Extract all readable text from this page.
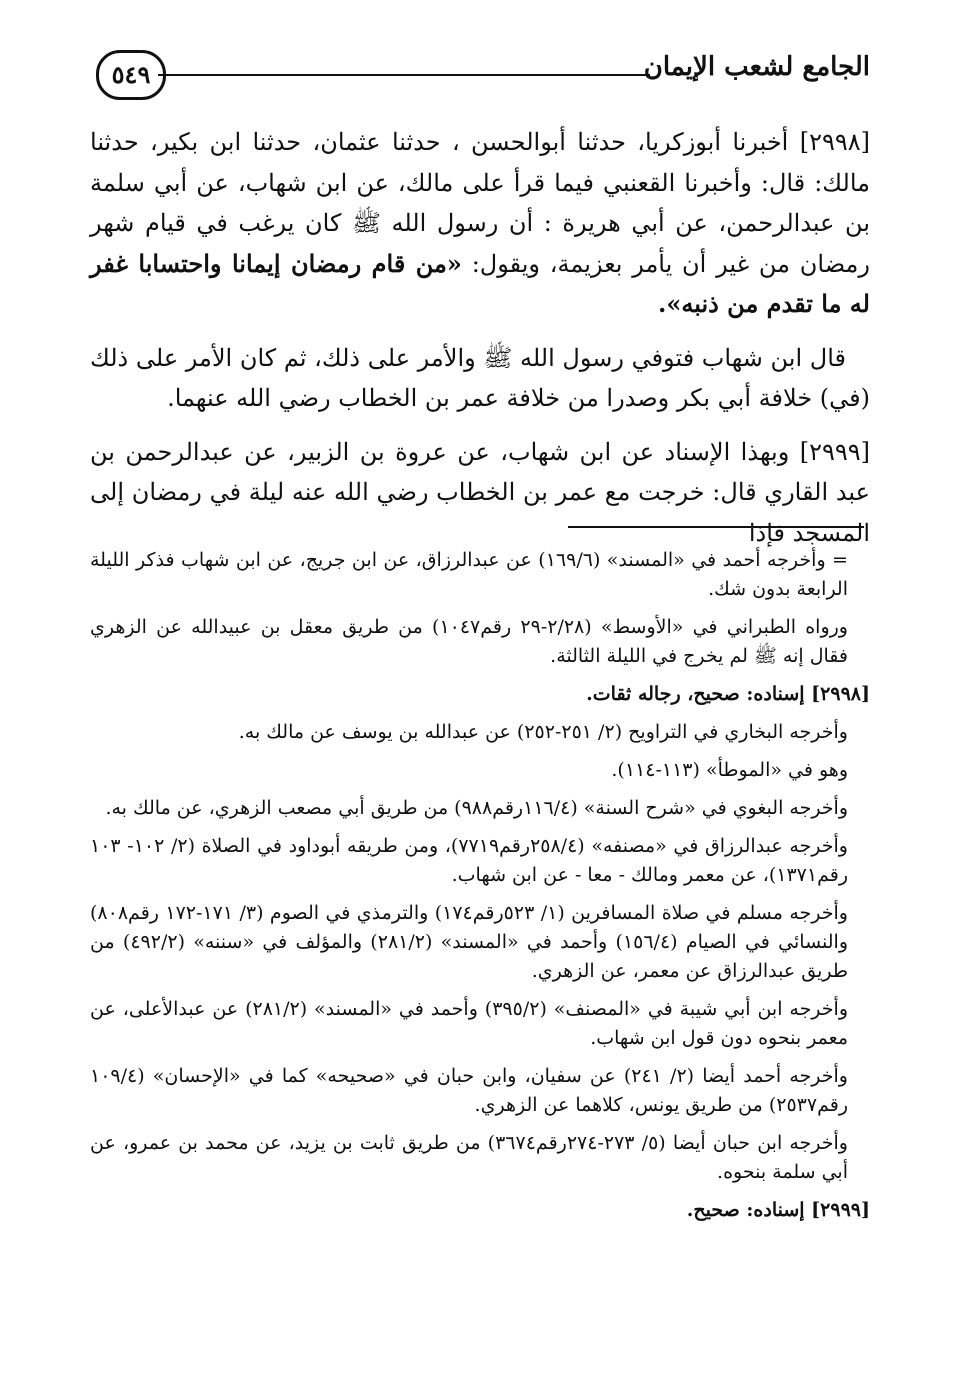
الجامع لشعب الإيمان
٥٤٩

[٢٩٩٨] أخبرنا أبوزكريا، حدثنا أبوالحسن ، حدثنا عثمان، حدثنا ابن بكير، حدثنا مالك: قال: وأخبرنا القعنبي فيما قرأ على مالك، عن ابن شهاب، عن أبي سلمة بن عبدالرحمن، عن أبي هريرة : أن رسول الله ﷺ كان يرغب في قيام شهر رمضان من غير أن يأمر بعزيمة، ويقول: «من قام رمضان إيمانا واحتسابا غفر له ما تقدم من ذنبه».

قال ابن شهاب فتوفي رسول الله ﷺ والأمر على ذلك، ثم كان الأمر على ذلك (في) خلافة أبي بكر وصدرا من خلافة عمر بن الخطاب رضي الله عنهما.

[٢٩٩٩] وبهذا الإسناد عن ابن شهاب، عن عروة بن الزبير، عن عبدالرحمن بن عبد القاري قال: خرجت مع عمر بن الخطاب رضي الله عنه ليلة في رمضان إلى المسجد فإذا

= وأخرجه أحمد في «المسند» (١٦٩/٦) عن عبدالرزاق، عن ابن جريج، عن ابن شهاب فذكر الليلة الرابعة بدون شك.

ورواه الطبراني في «الأوسط» (٢/٢٨-٢٩ رقم١٠٤٧) من طريق معقل بن عبيدالله عن الزهري فقال إنه ﷺ لم يخرج في الليلة الثالثة.

[٢٩٩٨] إسناده: صحيح، رجاله ثقات.

وأخرجه البخاري في التراويح (٢/ ٢٥١-٢٥٢) عن عبدالله بن يوسف عن مالك به.

وهو في «الموطأ» (١١٣-١١٤).

وأخرجه البغوي في «شرح السنة» (١١٦/٤رقم٩٨٨) من طريق أبي مصعب الزهري، عن مالك به.

وأخرجه عبدالرزاق في «مصنفه» (٢٥٨/٤رقم٧٧١٩)، ومن طريقه أبوداود في الصلاة (٢/ ١٠٢- ١٠٣ رقم١٣٧١)، عن معمر ومالك - معا - عن ابن شهاب.

وأخرجه مسلم في صلاة المسافرين (١/ ٥٢٣رقم١٧٤) والترمذي في الصوم (٣/ ١٧١-١٧٢ رقم٨٠٨) والنسائي في الصيام (١٥٦/٤) وأحمد في «المسند» (٢٨١/٢) والمؤلف في «سننه» (٤٩٢/٢) من طريق عبدالرزاق عن معمر، عن الزهري.

وأخرجه ابن أبي شيبة في «المصنف» (٣٩٥/٢) وأحمد في «المسند» (٢٨١/٢) عن عبدالأعلى، عن معمر بنحوه دون قول ابن شهاب.

وأخرجه أحمد أيضا (٢/ ٢٤١) عن سفيان، وابن حبان في «صحيحه» كما في «الإحسان» (١٠٩/٤ رقم٢٥٣٧) من طريق يونس، كلاهما عن الزهري.

وأخرجه ابن حبان أيضا (٥/ ٢٧٣-٢٧٤رقم٣٦٧٤) من طريق ثابت بن يزيد، عن محمد بن عمرو، عن أبي سلمة بنحوه.

[٢٩٩٩] إسناده: صحيح.
